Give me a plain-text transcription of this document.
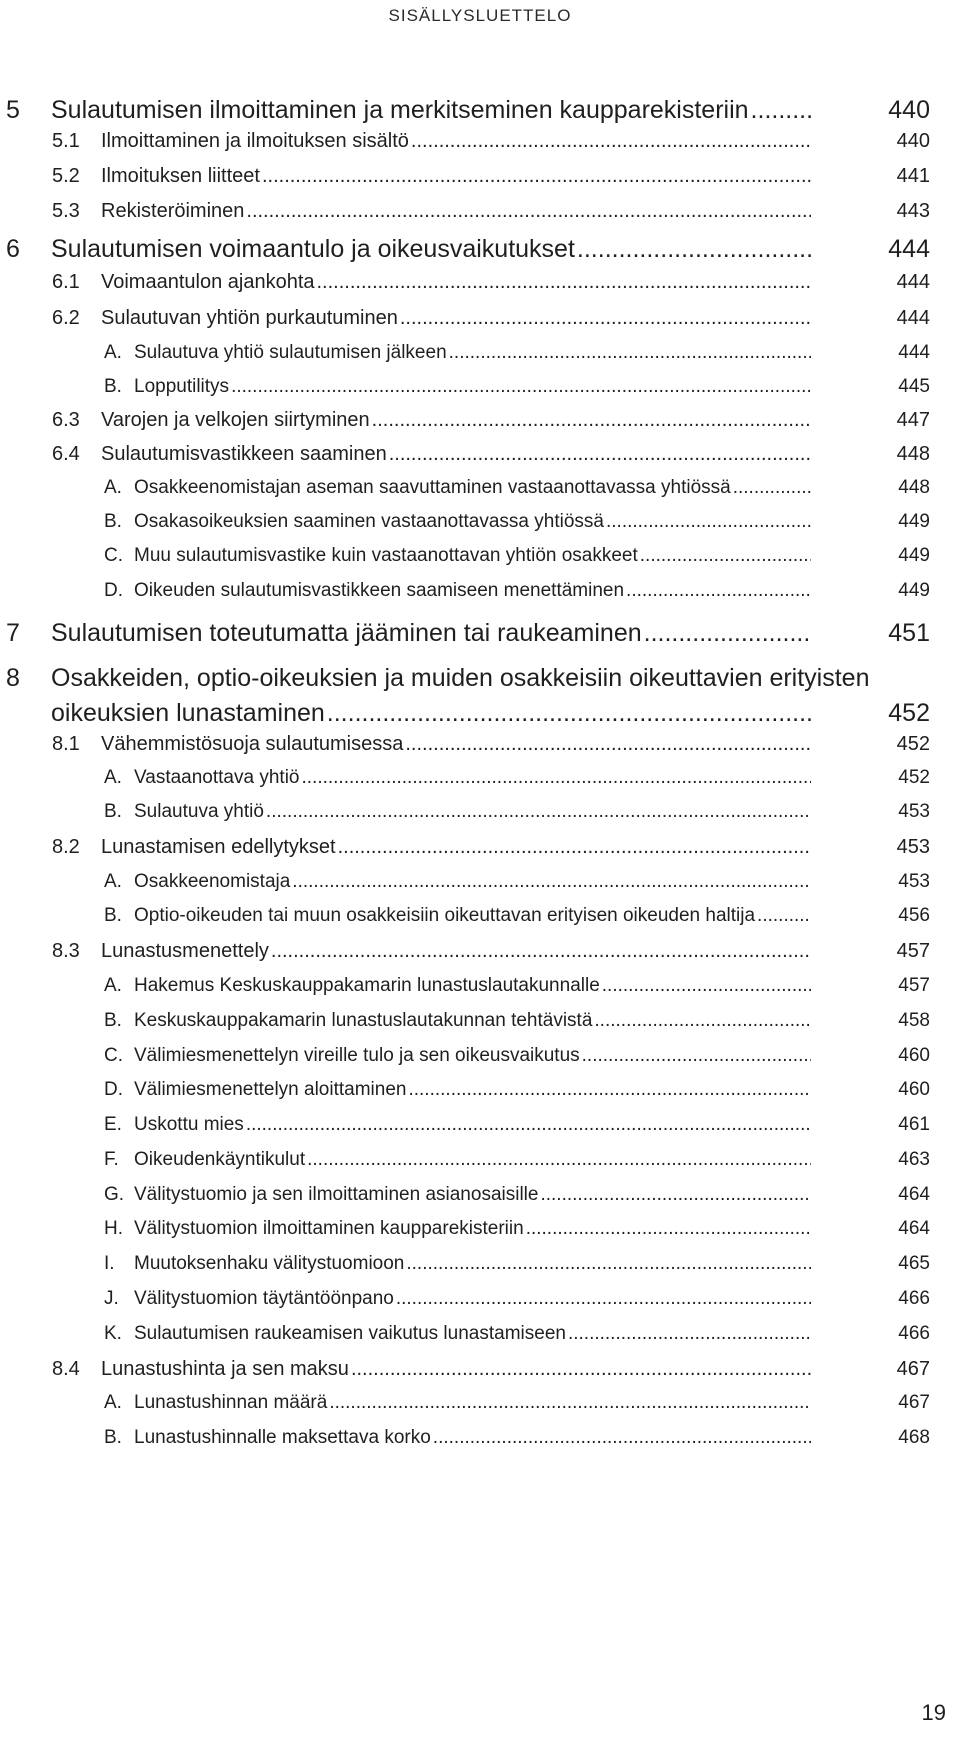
SISÄLLYSLUETTELO
5 Sulautumisen ilmoittaminen ja merkitseminen kaupparekisteriin .....	440
5.1 Ilmoittaminen ja ilmoituksen sisältö .....	440
5.2 Ilmoituksen liitteet .....	441
5.3 Rekisteröiminen .....	443
6 Sulautumisen voimaantulo ja oikeusvaikutukset .....	444
6.1 Voimaantulon ajankohta .....	444
6.2 Sulautuvan yhtiön purkautuminen .....	444
A. Sulautuva yhtiö sulautumisen jälkeen .....	444
B. Lopputilitys .....	445
6.3 Varojen ja velkojen siirtyminen .....	447
6.4 Sulautumisvastikkeen saaminen .....	448
A. Osakkeenomistajan aseman saavuttaminen vastaanottavassa yhtiössä .....	448
B. Osakasoikeuksien saaminen vastaanottavassa yhtiössä .....	449
C. Muu sulautumisvastike kuin vastaanottavan yhtiön osakkeet .....	449
D. Oikeuden sulautumisvastikkeen saamiseen menettäminen .....	449
7 Sulautumisen toteutumatta jääminen tai raukeaminen .....	451
8 Osakkeiden, optio-oikeuksien ja muiden osakkeisiin oikeuttavien erityisten
oikeuksien lunastaminen .....	452
8.1 Vähemmistösuoja sulautumisessa .....	452
A. Vastaanottava yhtiö .....	452
B. Sulautuva yhtiö .....	453
8.2 Lunastamisen edellytykset .....	453
A. Osakkeenomistaja .....	453
B. Optio-oikeuden tai muun osakkeisiin oikeuttavan erityisen oikeuden haltija .....	456
8.3 Lunastusmenettely .....	457
A. Hakemus Keskuskauppakamarin lunastuslautakunnalle .....	457
B. Keskuskauppakamarin lunastuslautakunnan tehtävistä .....	458
C. Välimiesmenettelyn vireille tulo ja sen oikeusvaikutus .....	460
D. Välimiesmenettelyn aloittaminen .....	460
E. Uskottu mies .....	461
F. Oikeudenkäyntikulut .....	463
G. Välitystuomio ja sen ilmoittaminen asianosaisille .....	464
H. Välitystuomion ilmoittaminen kaupparekisteriin .....	464
I. Muutoksenhaku välitystuomioon .....	465
J. Välitystuomion täytäntöönpano .....	466
K. Sulautumisen raukeamisen vaikutus lunastamiseen .....	466
8.4 Lunastushinta ja sen maksu .....	467
A. Lunastushinnan määrä .....	467
B. Lunastushinnalle maksettava korko .....	468
19
